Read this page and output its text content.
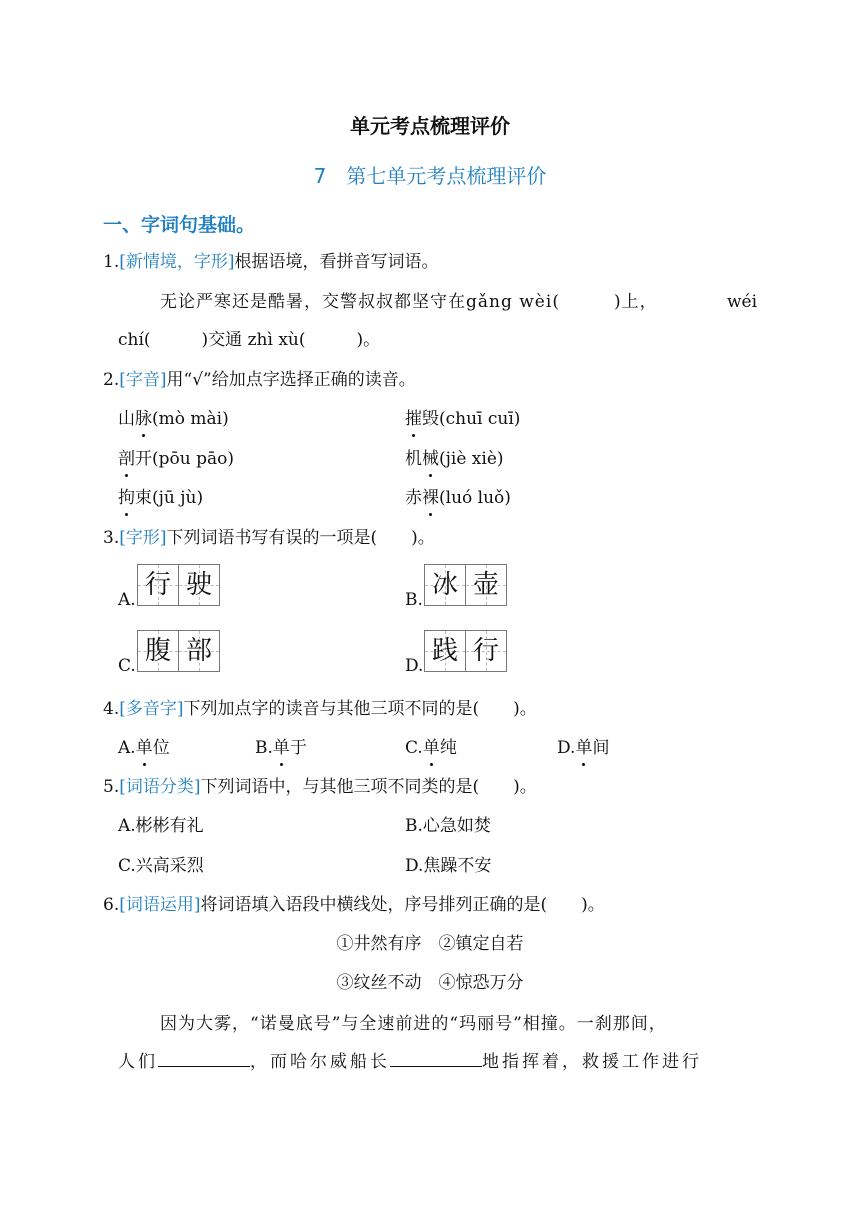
单元考点梳理评价
7　第七单元考点梳理评价
一、字词句基础。
1.[新情境，字形]根据语境，看拼音写词语。
无论严寒还是酷暑，交警叔叔都坚守在gǎng wèi(　　　)上，	wéi
chí(　　　)交通 zhì xù(　　　)。
2.[字音]用“√”给加点字选择正确的读音。
山脉(mò mài)	摧毁(chuī cuī)
剖开(pōu pāo)	机械(jiè xiè)
拘束(jū jù)	赤裸(luó luǒ)
3.[字形]下列词语书写有误的一项是(　　)。
A. 行 驶	B. 冰 壶
C. 腹 部	D. 践 行
4.[多音字]下列加点字的读音与其他三项不同的是(　　)。
A.单位	B.单于	C.单纯	D.单间
5.[词语分类]下列词语中，与其他三项不同类的是(　　)。
A.彬彬有礼	B.心急如焚
C.兴高采烈	D.焦躁不安
6.[词语运用]将词语填入语段中横线处，序号排列正确的是(　　)。
①井然有序　②镇定自若
③纹丝不动　④惊恐万分
因为大雾，“诺曼底号”与全速前进的“玛丽号”相撞。一刹那间，
人们	，而哈尔威船长	地指挥着，救援工作进行
